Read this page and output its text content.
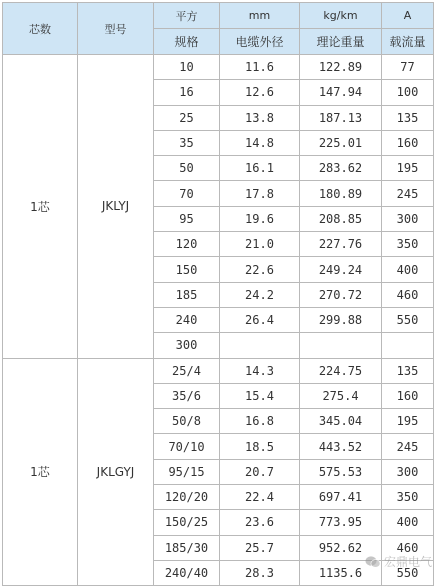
芯数	型号	平方	mm	kg/km	A
		规格	电缆外径	理论重量	载流量
1芯	JKLYJ	10	11.6	122.89	77
		16	12.6	147.94	100
		25	13.8	187.13	135
		35	14.8	225.01	160
		50	16.1	283.62	195
		70	17.8	180.89	245
		95	19.6	208.85	300
		120	21.0	227.76	350
		150	22.6	249.24	400
		185	24.2	270.72	460
		240	26.4	299.88	550
		300			
1芯	JKLGYJ	25/4	14.3	224.75	135
		35/6	15.4	275.4	160
		50/8	16.8	345.04	195
		70/10	18.5	443.52	245
		95/15	20.7	575.53	300
		120/20	22.4	697.41	350
		150/25	23.6	773.95	400
		185/30	25.7	952.62	460
		240/40	28.3	1135.6	550
宏鼎电气
